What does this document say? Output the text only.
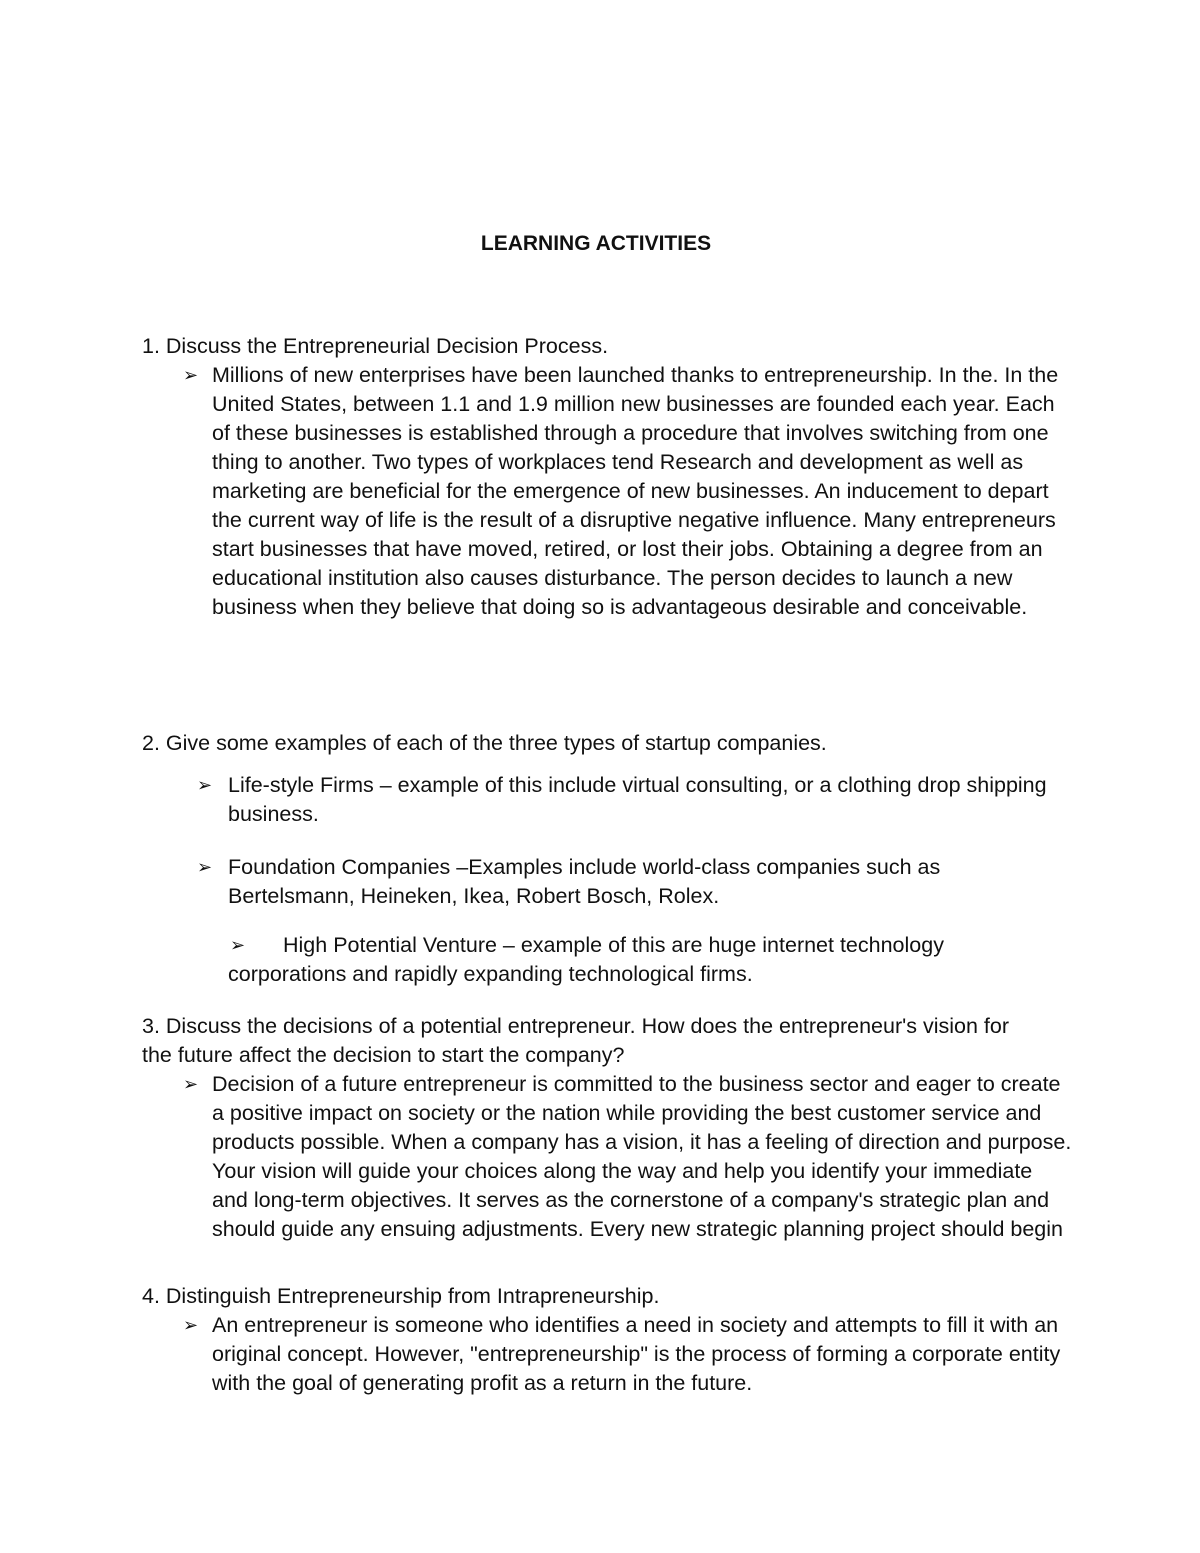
LEARNING ACTIVITIES

1. Discuss the Entrepreneurial Decision Process.

➢ Millions of new enterprises have been launched thanks to entrepreneurship. In the. In the United States, between 1.1 and 1.9 million new businesses are founded each year. Each of these businesses is established through a procedure that involves switching from one thing to another. Two types of workplaces tend Research and development as well as marketing are beneficial for the emergence of new businesses. An inducement to depart the current way of life is the result of a disruptive negative influence. Many entrepreneurs start businesses that have moved, retired, or lost their jobs. Obtaining a degree from an educational institution also causes disturbance. The person decides to launch a new business when they believe that doing so is advantageous desirable and conceivable.

2. Give some examples of each of the three types of startup companies.

➢ Life-style Firms – example of this include virtual consulting, or a clothing drop shipping business.
➢ Foundation Companies –Examples include world-class companies such as Bertelsmann, Heineken, Ikea, Robert Bosch, Rolex.
➢	High Potential Venture – example of this are huge internet technology corporations and rapidly expanding technological firms.

3. Discuss the decisions of a potential entrepreneur. How does the entrepreneur's vision for the future affect the decision to start the company?

➢ Decision of a future entrepreneur is committed to the business sector and eager to create a positive impact on society or the nation while providing the best customer service and products possible. When a company has a vision, it has a feeling of direction and purpose. Your vision will guide your choices along the way and help you identify your immediate and long-term objectives. It serves as the cornerstone of a company's strategic plan and should guide any ensuing adjustments. Every new strategic planning project should begin

4. Distinguish Entrepreneurship from Intrapreneurship.

➢ An entrepreneur is someone who identifies a need in society and attempts to fill it with an original concept. However, "entrepreneurship" is the process of forming a corporate entity with the goal of generating profit as a return in the future.
